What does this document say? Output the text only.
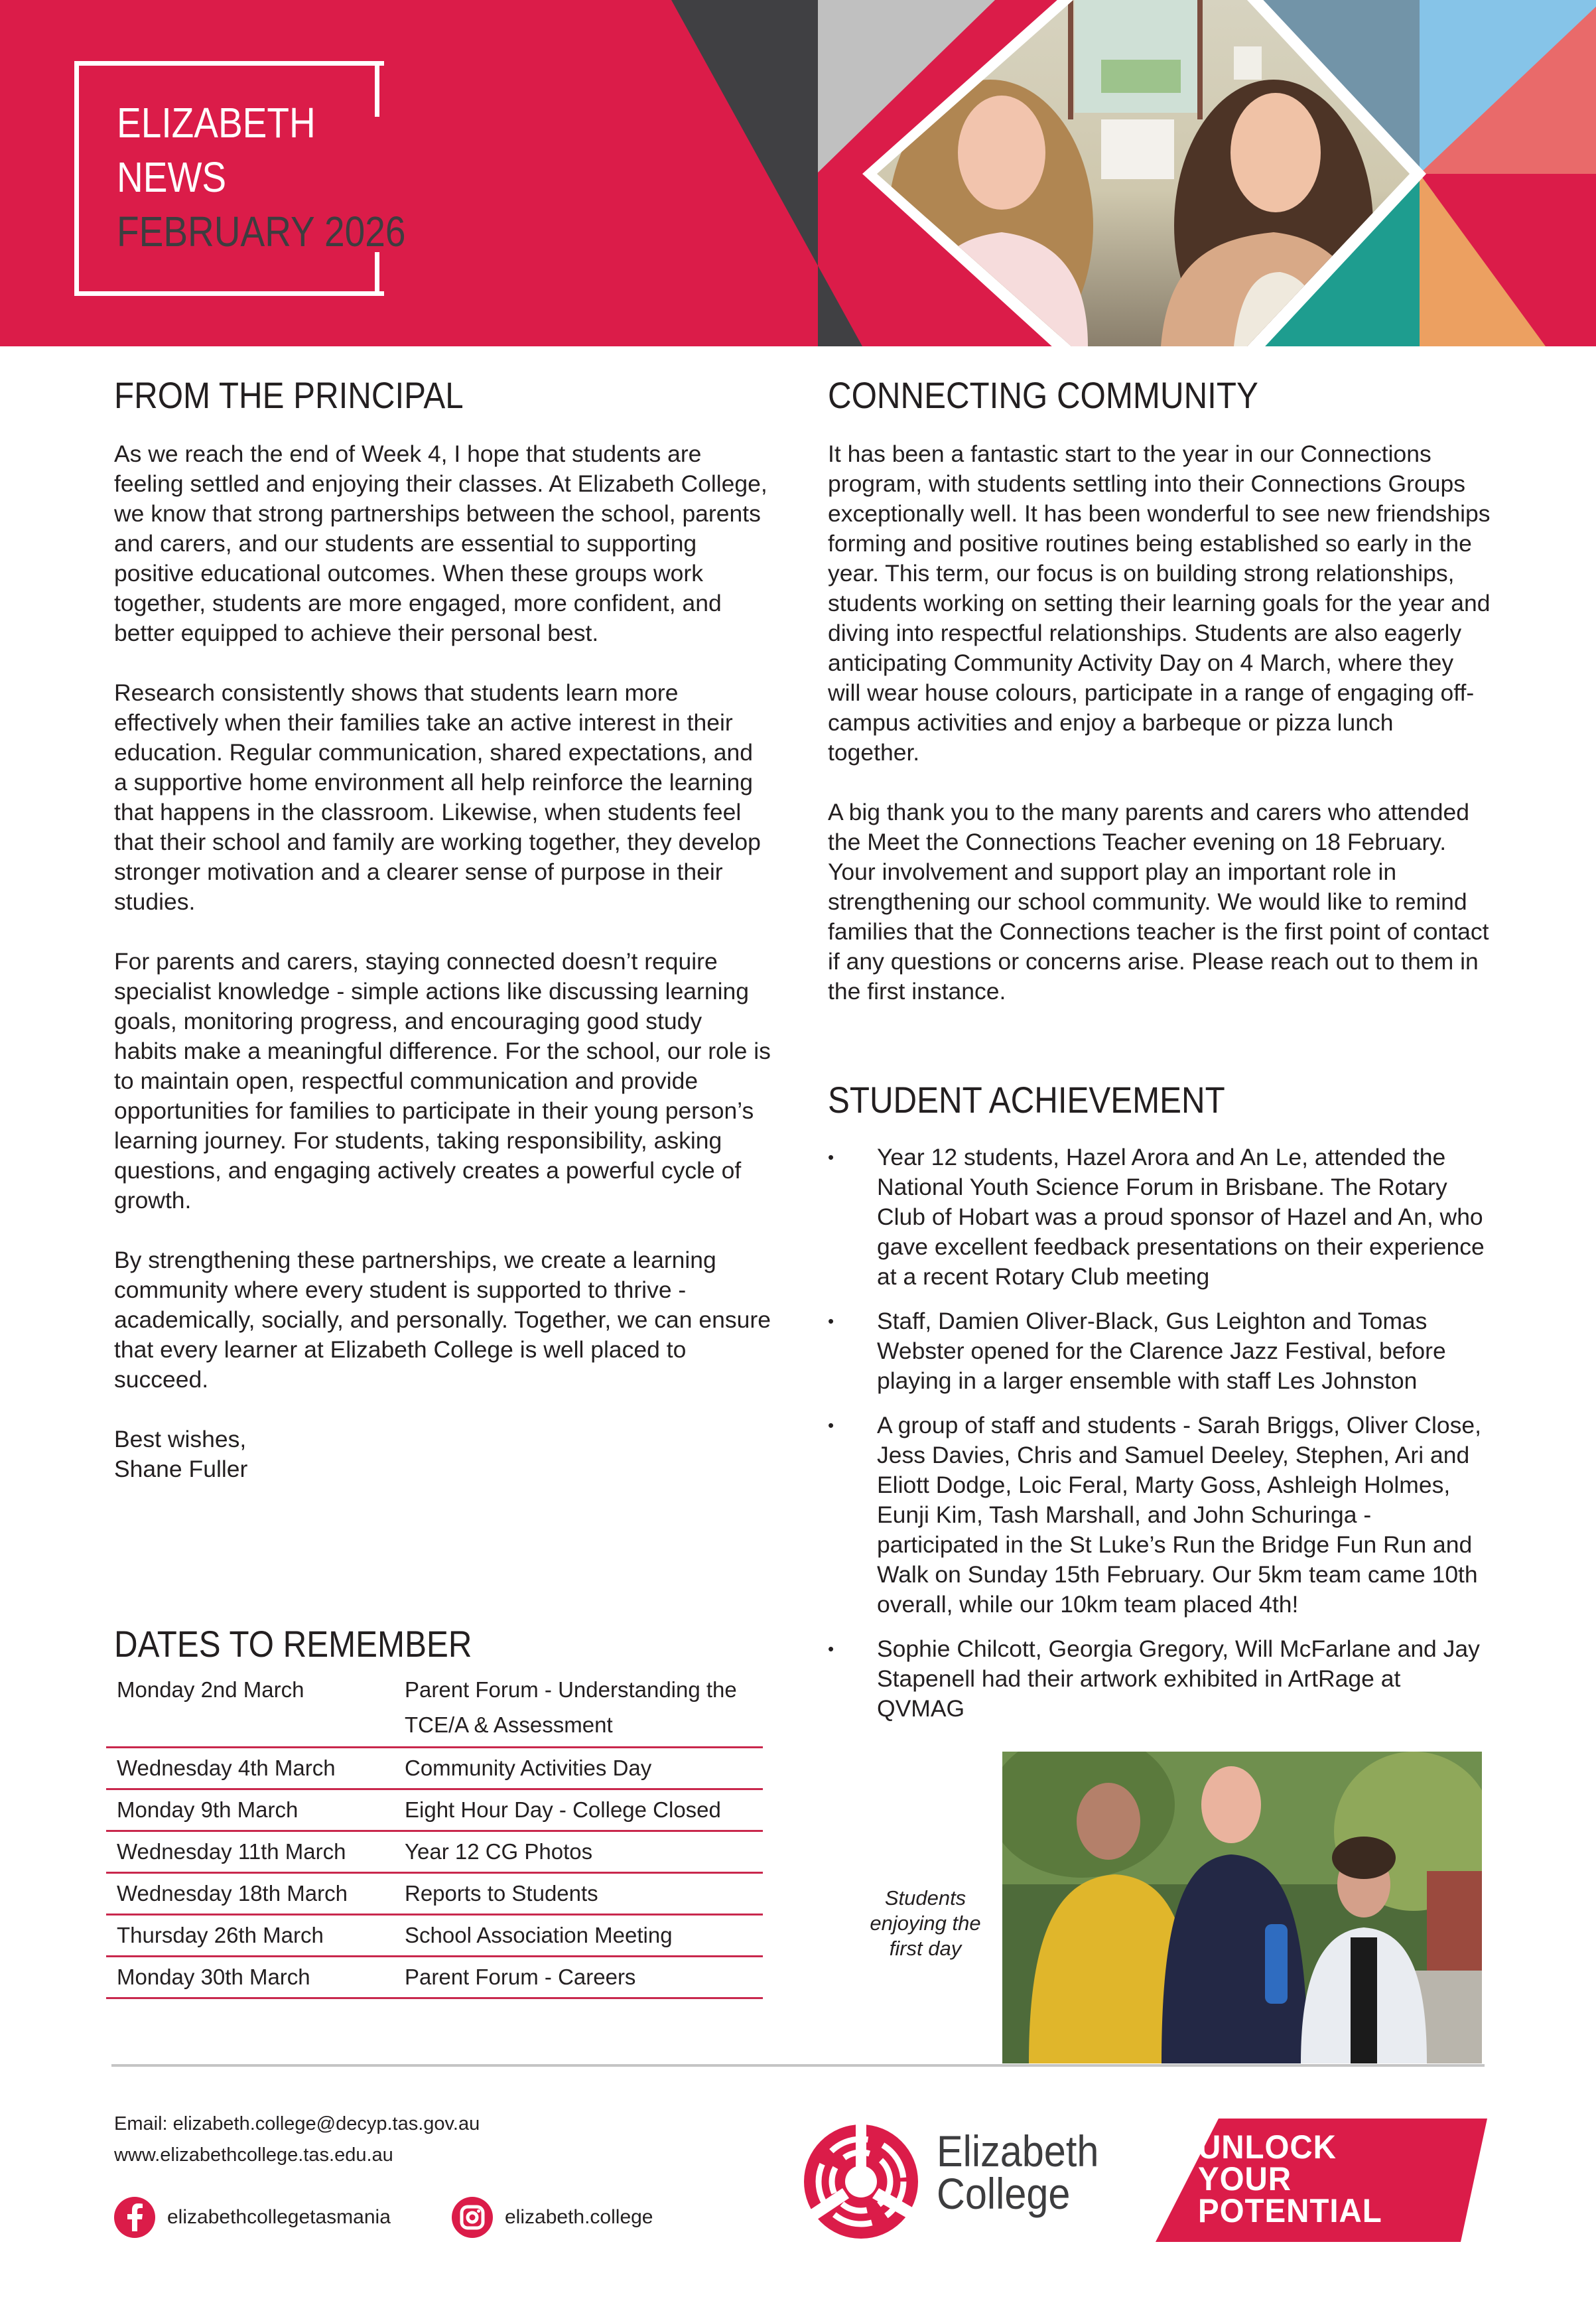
ELIZABETH
NEWS
FEBRUARY 2026
FROM THE PRINCIPAL

As we reach the end of Week 4, I hope that students are feeling settled and enjoying their classes. At Elizabeth College, we know that strong partnerships between the school, parents and carers, and our students are essential to supporting positive educational outcomes. When these groups work together, students are more engaged, more confident, and better equipped to achieve their personal best.

Research consistently shows that students learn more effectively when their families take an active interest in their education. Regular communication, shared expectations, and a supportive home environment all help reinforce the learning that happens in the classroom. Likewise, when students feel that their school and family are working together, they develop stronger motivation and a clearer sense of purpose in their studies.

For parents and carers, staying connected doesn’t require specialist knowledge - simple actions like discussing learning goals, monitoring progress, and encouraging good study habits make a meaningful difference. For the school, our role is to maintain open, respectful communication and provide opportunities for families to participate in their young person’s learning journey. For students, taking responsibility, asking questions, and engaging actively creates a powerful cycle of growth.

By strengthening these partnerships, we create a learning community where every student is supported to thrive - academically, socially, and personally. Together, we can ensure that every learner at Elizabeth College is well placed to succeed.

Best wishes,
Shane Fuller
DATES TO REMEMBER
Monday 2nd March	Parent Forum - Understanding the TCE/A & Assessment
Wednesday 4th March	Community Activities Day
Monday 9th March	Eight Hour Day - College Closed
Wednesday 11th March	Year 12 CG Photos
Wednesday 18th March	Reports to Students
Thursday 26th March	School Association Meeting
Monday 30th March	Parent Forum - Careers
CONNECTING COMMUNITY

It has been a fantastic start to the year in our Connections program, with students settling into their Connections Groups exceptionally well. It has been wonderful to see new friendships forming and positive routines being established so early in the year. This term, our focus is on building strong relationships, students working on setting their learning goals for the year and diving into respectful relationships. Students are also eagerly anticipating Community Activity Day on 4 March, where they will wear house colours, participate in a range of engaging off-campus activities and enjoy a barbeque or pizza lunch together.

A big thank you to the many parents and carers who attended the Meet the Connections Teacher evening on 18 February. Your involvement and support play an important role in strengthening our school community. We would like to remind families that the Connections teacher is the first point of contact if any questions or concerns arise. Please reach out to them in the first instance.

STUDENT ACHIEVEMENT
• Year 12 students, Hazel Arora and An Le, attended the National Youth Science Forum in Brisbane. The Rotary Club of Hobart was a proud sponsor of Hazel and An, who gave excellent feedback presentations on their experience at a recent Rotary Club meeting
• Staff, Damien Oliver-Black, Gus Leighton and Tomas Webster opened for the Clarence Jazz Festival, before playing in a larger ensemble with staff Les Johnston
• A group of staff and students - Sarah Briggs, Oliver Close, Jess Davies, Chris and Samuel Deeley, Stephen, Ari and Eliott Dodge, Loic Feral, Marty Goss, Ashleigh Holmes, Eunji Kim, Tash Marshall, and John Schuringa - participated in the St Luke’s Run the Bridge Fun Run and Walk on Sunday 15th February. Our 5km team came 10th overall, while our 10km team placed 4th!
• Sophie Chilcott, Georgia Gregory, Will McFarlane and Jay Stapenell had their artwork exhibited in ArtRage at QVMAG
Students enjoying the first day
Email: elizabeth.college@decyp.tas.gov.au
www.elizabethcollege.tas.edu.au
elizabethcollegetasmania	elizabeth.college
Elizabeth
College
UNLOCK
YOUR
POTENTIAL
